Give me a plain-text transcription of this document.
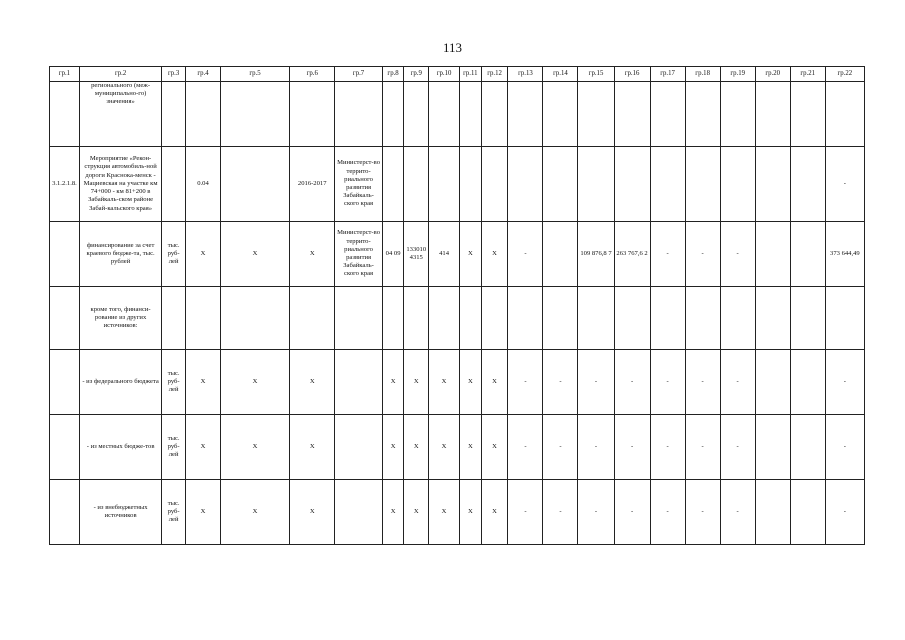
113
гр.1	гр.2	гр.3	гр.4	гр.5	гр.6	гр.7	гр.8	гр.9	гр.10	гр.11	гр.12	гр.13	гр.14	гр.15	гр.16	гр.17	гр.18	гр.19	гр.20	гр.21	гр.22
	регионального (меж-муниципально-го) значения»																				
3.1.2.1.8.	Мероприятие «Рекон-струкция автомобиль-ной дороги Краснока-менск - Мациевская на участке км 74+000 - км 81+200 в Забайкаль-ском районе Забай-кальского края»		0.04		2016-2017	Министерст-во террито-риального развития Забайкаль-ского края															-
	финансирование за счет краевого бюдже-та, тыс. рублей	тыс. руб-лей	X	X	X	Министерст-во террито-риального развития Забайкаль-ского края	04 09	133010 4315	414	X	X	-		109 876,8 7	263 767,6 2	-	-	-			373 644,49
	кроме того, финанси-рование из других источников:																				
	- из федерального бюджета	тыс. руб-лей	X	X	X		X	X	X	X	X	-	-	-	-	-	-	-			-
	- из местных бюдже-тов	тыс. руб-лей	X	X	X		X	X	X	X	X	-	-	-	-	-	-	-			-
	- из внебюджетных источников	тыс. руб-лей	X	X	X		X	X	X	X	X	-	-	-	-	-	-	-			-
